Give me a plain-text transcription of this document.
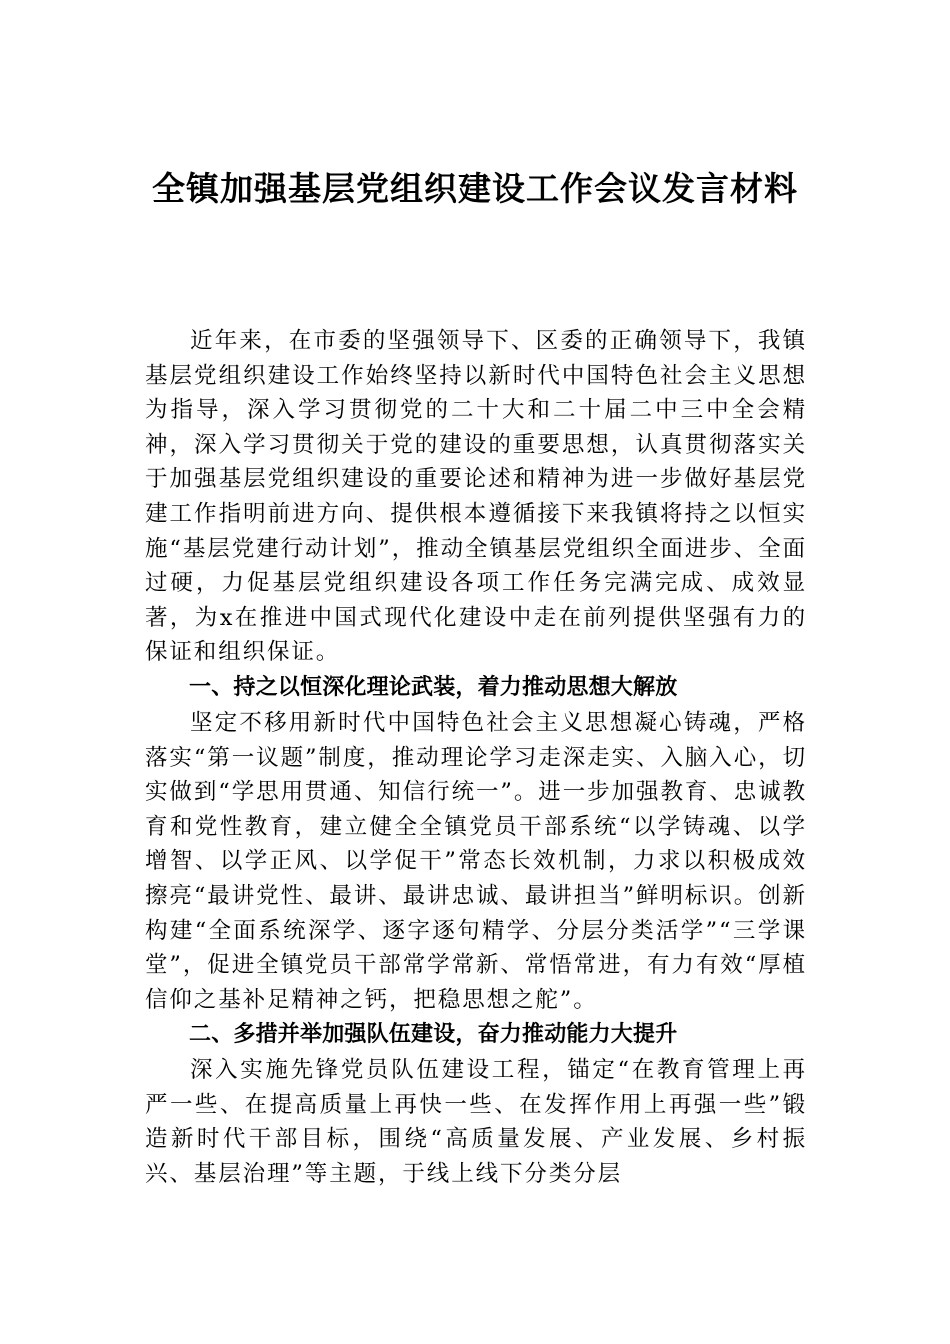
全镇加强基层党组织建设工作会议发言材料

近年来，在市委的坚强领导下、区委的正确领导下，我镇基层党组织建设工作始终坚持以新时代中国特色社会主义思想为指导，深入学习贯彻党的二十大和二十届二中三中全会精神，深入学习贯彻关于党的建设的重要思想，认真贯彻落实关于加强基层党组织建设的重要论述和精神为进一步做好基层党建工作指明前进方向、提供根本遵循接下来我镇将持之以恒实施“基层党建行动计划”，推动全镇基层党组织全面进步、全面过硬，力促基层党组织建设各项工作任务完满完成、成效显著，为x在推进中国式现代化建设中走在前列提供坚强有力的保证和组织保证。

一、持之以恒深化理论武装，着力推动思想大解放

坚定不移用新时代中国特色社会主义思想凝心铸魂，严格落实“第一议题”制度，推动理论学习走深走实、入脑入心，切实做到“学思用贯通、知信行统一”。进一步加强教育、忠诚教育和党性教育，建立健全全镇党员干部系统“以学铸魂、以学增智、以学正风、以学促干”常态长效机制，力求以积极成效擦亮“最讲党性、最讲、最讲忠诚、最讲担当”鲜明标识。创新构建“全面系统深学、逐字逐句精学、分层分类活学”“三学课堂”，促进全镇党员干部常学常新、常悟常进，有力有效“厚植信仰之基补足精神之钙，把稳思想之舵”。

二、多措并举加强队伍建设，奋力推动能力大提升

深入实施先锋党员队伍建设工程，锚定“在教育管理上再严一些、在提高质量上再快一些、在发挥作用上再强一些”锻造新时代干部目标，围绕“高质量发展、产业发展、乡村振兴、基层治理”等主题，于线上线下分类分层
